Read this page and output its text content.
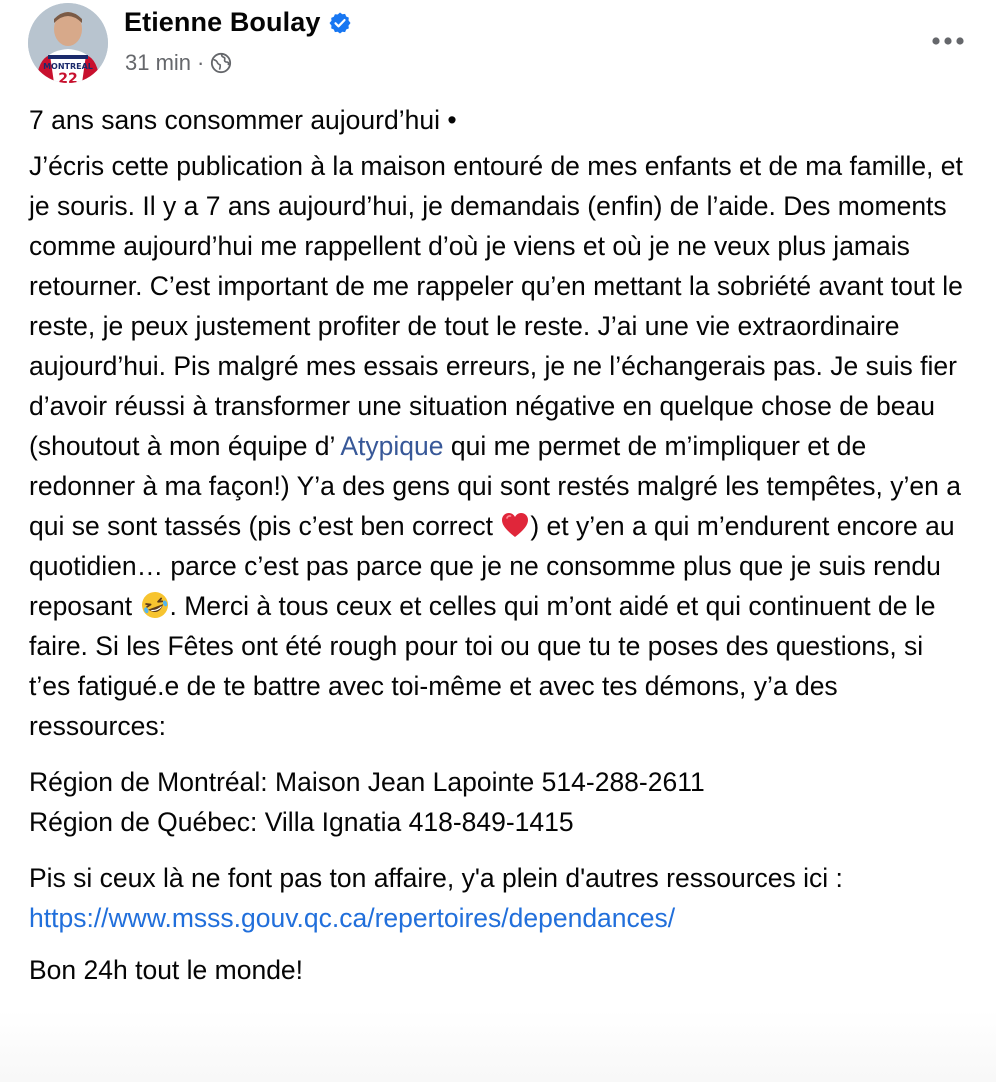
MONTREAL
22
Etienne Boulay
31 min ·

7 ans sans consommer aujourd’hui •

J’écris cette publication à la maison entouré de mes enfants et de ma famille, et je souris. Il y a 7 ans aujourd’hui, je demandais (enfin) de l’aide. Des moments comme aujourd’hui me rappellent d’où je viens et où je ne veux plus jamais retourner. C’est important de me rappeler qu’en mettant la sobriété avant tout le reste, je peux justement profiter de tout le reste. J’ai une vie extraordinaire aujourd’hui. Pis malgré mes essais erreurs, je ne l’échangerais pas. Je suis fier d’avoir réussi à transformer une situation négative en quelque chose de beau (shoutout à mon équipe d’ Atypique qui me permet de m’impliquer et de redonner à ma façon!) Y’a des gens qui sont restés malgré les tempêtes, y’en a qui se sont tassés (pis c’est ben correct ) et y’en a qui m’endurent encore au quotidien… parce c’est pas parce que je ne consomme plus que je suis rendu reposant . Merci à tous ceux et celles qui m’ont aidé et qui continuent de le faire. Si les Fêtes ont été rough pour toi ou que tu te poses des questions, si t’es fatigué.e de te battre avec toi-même et avec tes démons, y’a des ressources:

Région de Montréal: Maison Jean Lapointe 514-288-2611

Région de Québec: Villa Ignatia 418-849-1415

Pis si ceux là ne font pas ton affaire, y'a plein d'autres ressources ici : https://www.msss.gouv.qc.ca/repertoires/dependances/

Bon 24h tout le monde!
